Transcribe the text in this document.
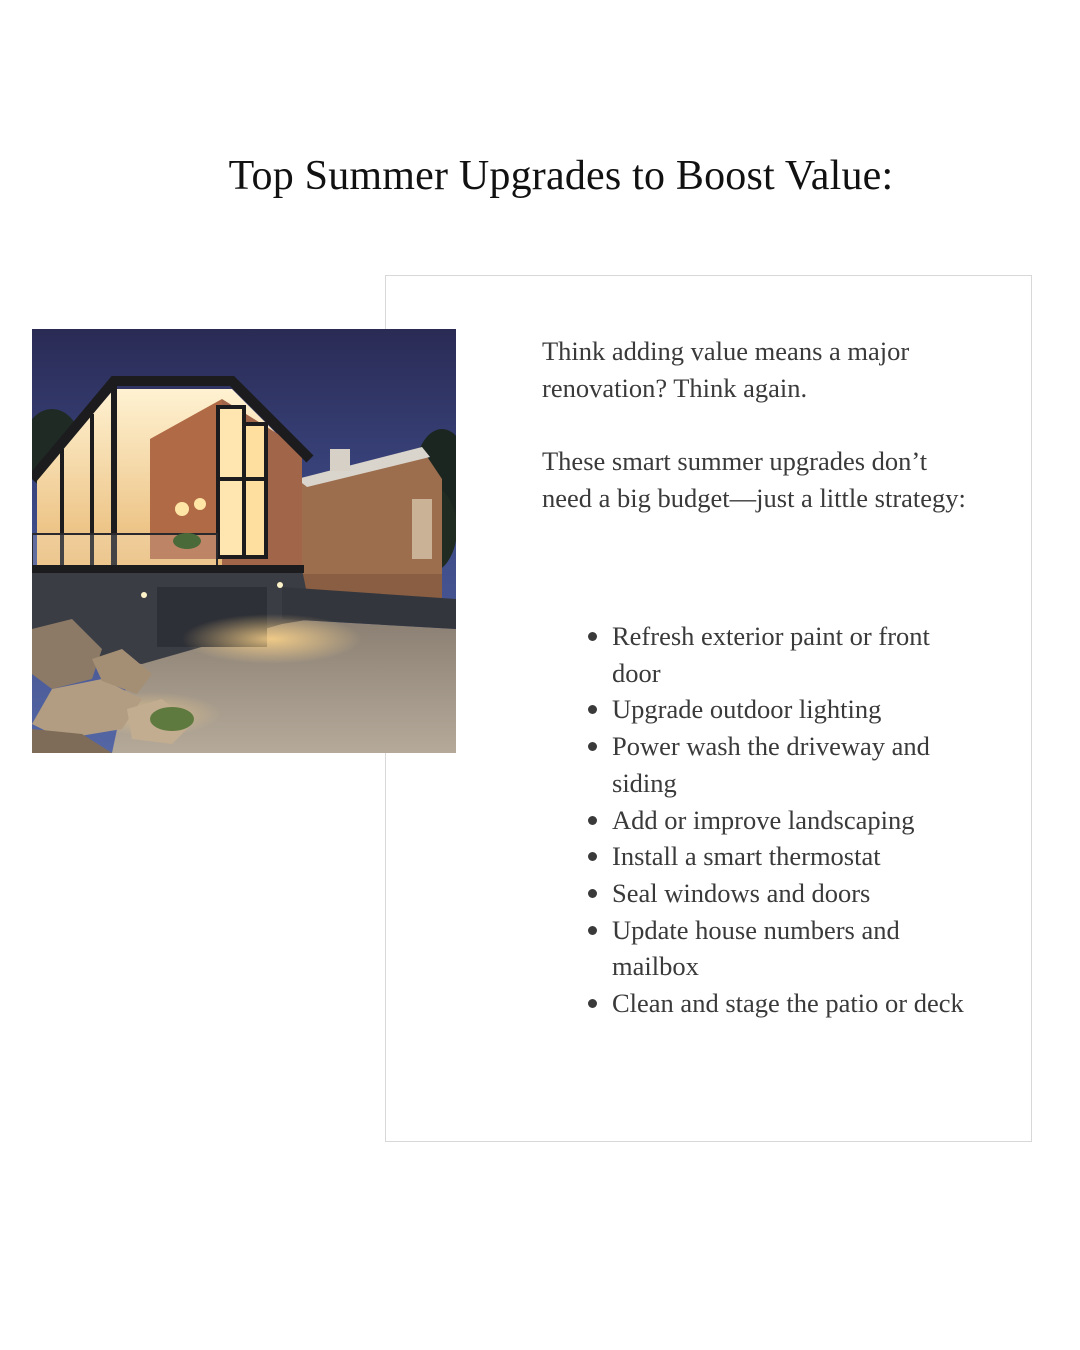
Top Summer Upgrades to Boost Value:

Think adding value means a major renovation? Think again.

These smart summer upgrades don’t need a big budget—just a little strategy:

Refresh exterior paint or front door
Upgrade outdoor lighting
Power wash the driveway and siding
Add or improve landscaping
Install a smart thermostat
Seal windows and doors
Update house numbers and mailbox
Clean and stage the patio or deck
